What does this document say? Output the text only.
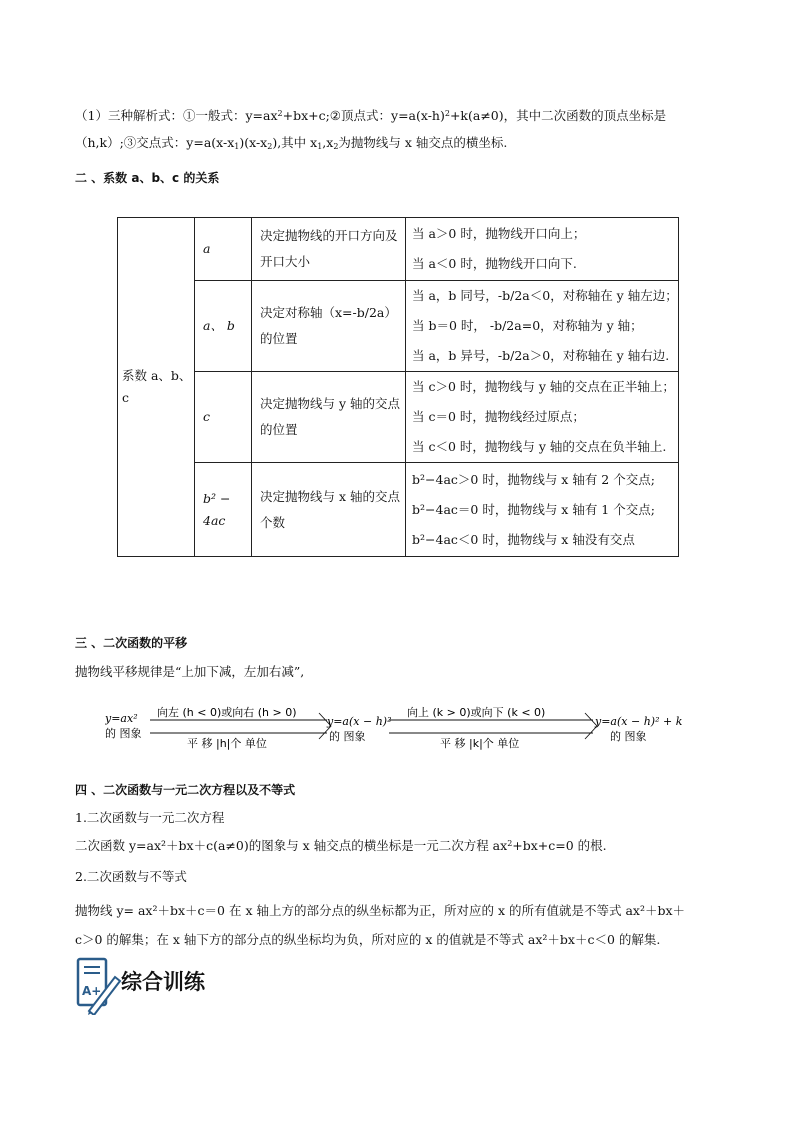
（1）三种解析式：①一般式：$y=ax^2+bx+c;②$顶点式：$y=a(x-h)^2+k(a\ne 0)$，其中二次函数的顶点坐标是
（h,k）;③交点式：$y=a(x-x_1)(x-x_2)$,其中 $x_1,x_2$为抛物线与 x 轴交点的横坐标.
二 、系数 a、b、c 的关系
系数 a、b、c	a	决定抛物线的开口方向及开口大小	当 a＞0 时，抛物线开口向上；
当 a＜0 时，抛物线开口向下.

	a、 b	决定对称轴（x=-b/2a）的位置	当 a，b 同号，-b/2a＜0，对称轴在 y 轴左边；
当 b＝0 时， -b/2a=0，对称轴为 y 轴；
当 a，b 异号，-b/2a＞0，对称轴在 y 轴右边.

	c	决定抛物线与 y 轴的交点的位置	当 c＞0 时，抛物线与 y 轴的交点在正半轴上；
当 c＝0 时，抛物线经过原点；
当 c＜0 时，抛物线与 y 轴的交点在负半轴上.

	b² − 4ac	决定抛物线与 x 轴的交点个数	b²−4ac＞0 时，抛物线与 x 轴有 2 个交点;
b²−4ac＝0 时，抛物线与 x 轴有 1 个交点;
b²−4ac＜0 时，抛物线与 x 轴没有交点
三 、二次函数的平移
抛物线平移规律是“上加下减，左加右减”,
y=ax²
的 图象
向左 (h < 0)或向右 (h > 0)
平 移 |h|个 单位
y=a(x − h)²
的 图象
向上 (k > 0)或向下 (k < 0)
平 移 |k|个 单位
y=a(x − h)² + k
的 图象
四 、二次函数与一元二次方程以及不等式
1.二次函数与一元二次方程
二次函数 y=ax²＋bx＋c(a≠0)的图象与 x 轴交点的横坐标是一元二次方程 $ax^2+bx+c=0$ 的根.
2.二次函数与不等式
抛物线 y= ax²＋bx＋c＝0 在 x 轴上方的部分点的纵坐标都为正，所对应的 x 的所有值就是不等式 ax²＋bx＋
c＞0 的解集；在 x 轴下方的部分点的纵坐标均为负，所对应的 x 的值就是不等式 ax²＋bx＋c＜0 的解集.
A+ 综合训练
